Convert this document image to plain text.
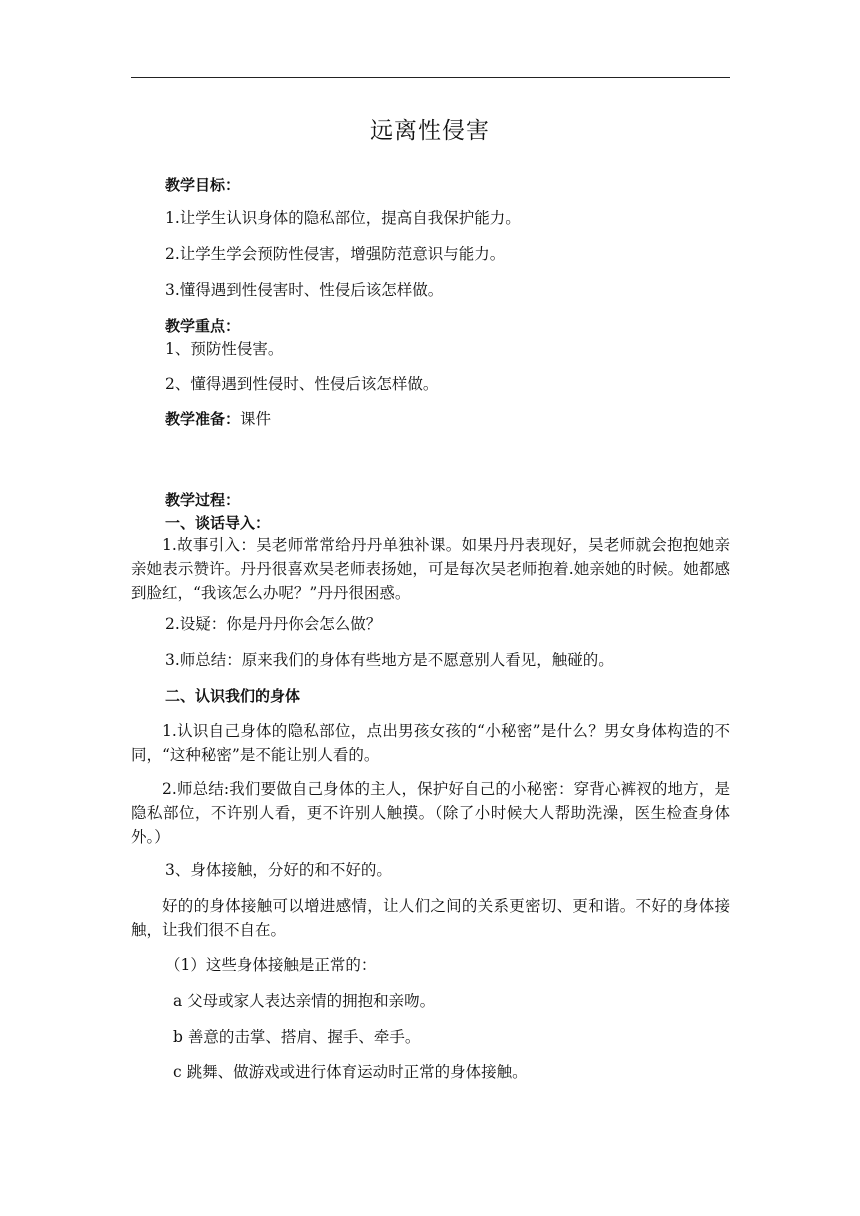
远离性侵害
教学目标：
1.让学生认识身体的隐私部位，提高自我保护能力。
2.让学生学会预防性侵害，增强防范意识与能力。
3.懂得遇到性侵害时、性侵后该怎样做。
教学重点：
1、预防性侵害。
2、懂得遇到性侵时、性侵后该怎样做。
教学准备：课件
教学过程：
一、谈话导入：
1.故事引入：吴老师常常给丹丹单独补课。如果丹丹表现好，吴老师就会抱抱她亲亲她表示赞许。丹丹很喜欢吴老师表扬她，可是每次吴老师抱着.她亲她的时候。她都感到脸红，“我该怎么办呢？”丹丹很困惑。
2.设疑：你是丹丹你会怎么做？
3.师总结：原来我们的身体有些地方是不愿意别人看见，触碰的。
二、认识我们的身体
1.认识自己身体的隐私部位，点出男孩女孩的“小秘密”是什么？男女身体构造的不同，“这种秘密”是不能让别人看的。
2.师总结:我们要做自己身体的主人，保护好自己的小秘密：穿背心裤衩的地方，是隐私部位，不许别人看，更不许别人触摸。（除了小时候大人帮助洗澡，医生检查身体外。）
3、身体接触，分好的和不好的。
好的的身体接触可以增进感情，让人们之间的关系更密切、更和谐。不好的身体接触，让我们很不自在。
（1）这些身体接触是正常的：
a 父母或家人表达亲情的拥抱和亲吻。
b 善意的击掌、搭肩、握手、牵手。
c 跳舞、做游戏或进行体育运动时正常的身体接触。
